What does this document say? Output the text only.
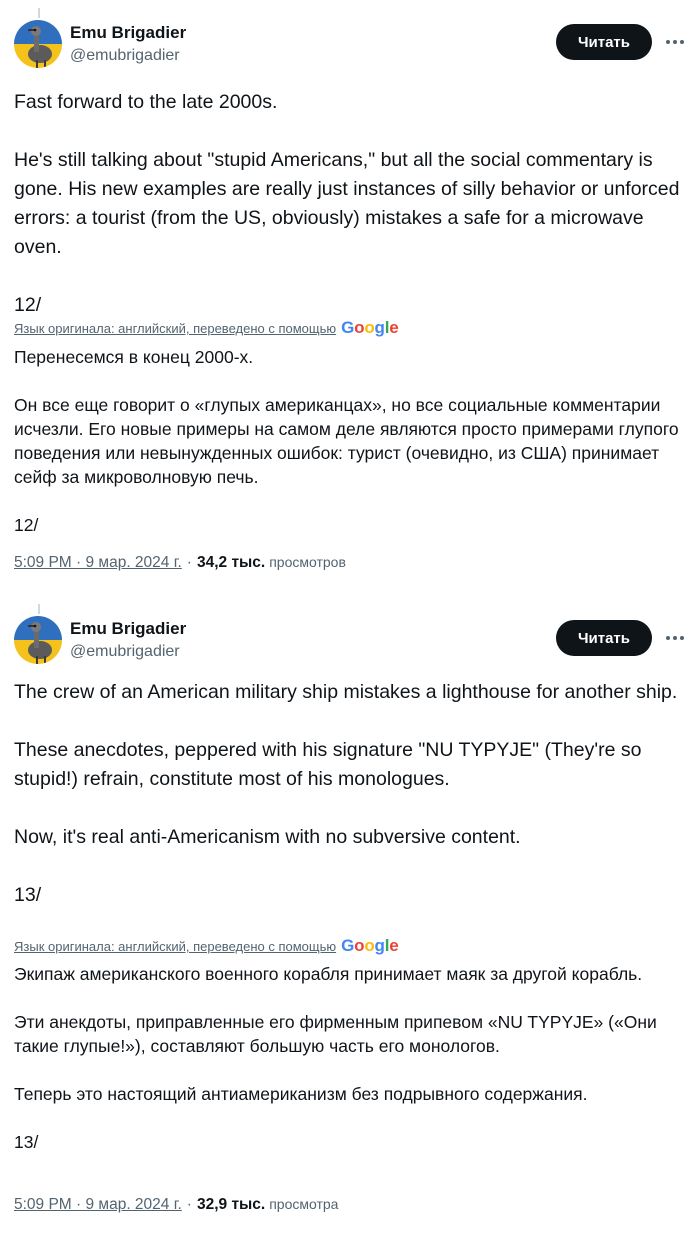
Emu Brigadier
@emubrigadier
Читать

Fast forward to the late 2000s.

He's still talking about "stupid Americans," but all the social commentary is gone. His new examples are really just instances of silly behavior or unforced errors: a tourist (from the US, obviously) mistakes a safe for a microwave oven.

12/

Язык оригинала: английский, переведено с помощью Google

Перенесемся в конец 2000-х.

Он все еще говорит о «глупых американцах», но все социальные комментарии исчезли. Его новые примеры на самом деле являются просто примерами глупого поведения или невынужденных ошибок: турист (очевидно, из США) принимает сейф за микроволновую печь.

12/

5:09 PM · 9 мар. 2024 г. · 34,2 тыс. просмотров
Emu Brigadier
@emubrigadier
Читать

The crew of an American military ship mistakes a lighthouse for another ship.

These anecdotes, peppered with his signature "NU TYPYJE" (They're so stupid!) refrain, constitute most of his monologues.

Now, it's real anti-Americanism with no subversive content.

13/

Язык оригинала: английский, переведено с помощью Google

Экипаж американского военного корабля принимает маяк за другой корабль.

Эти анекдоты, приправленные его фирменным припевом «NU TYPYJE» («Они такие глупые!»), составляют большую часть его монологов.

Теперь это настоящий антиамериканизм без подрывного содержания.

13/

5:09 PM · 9 мар. 2024 г. · 32,9 тыс. просмотра
